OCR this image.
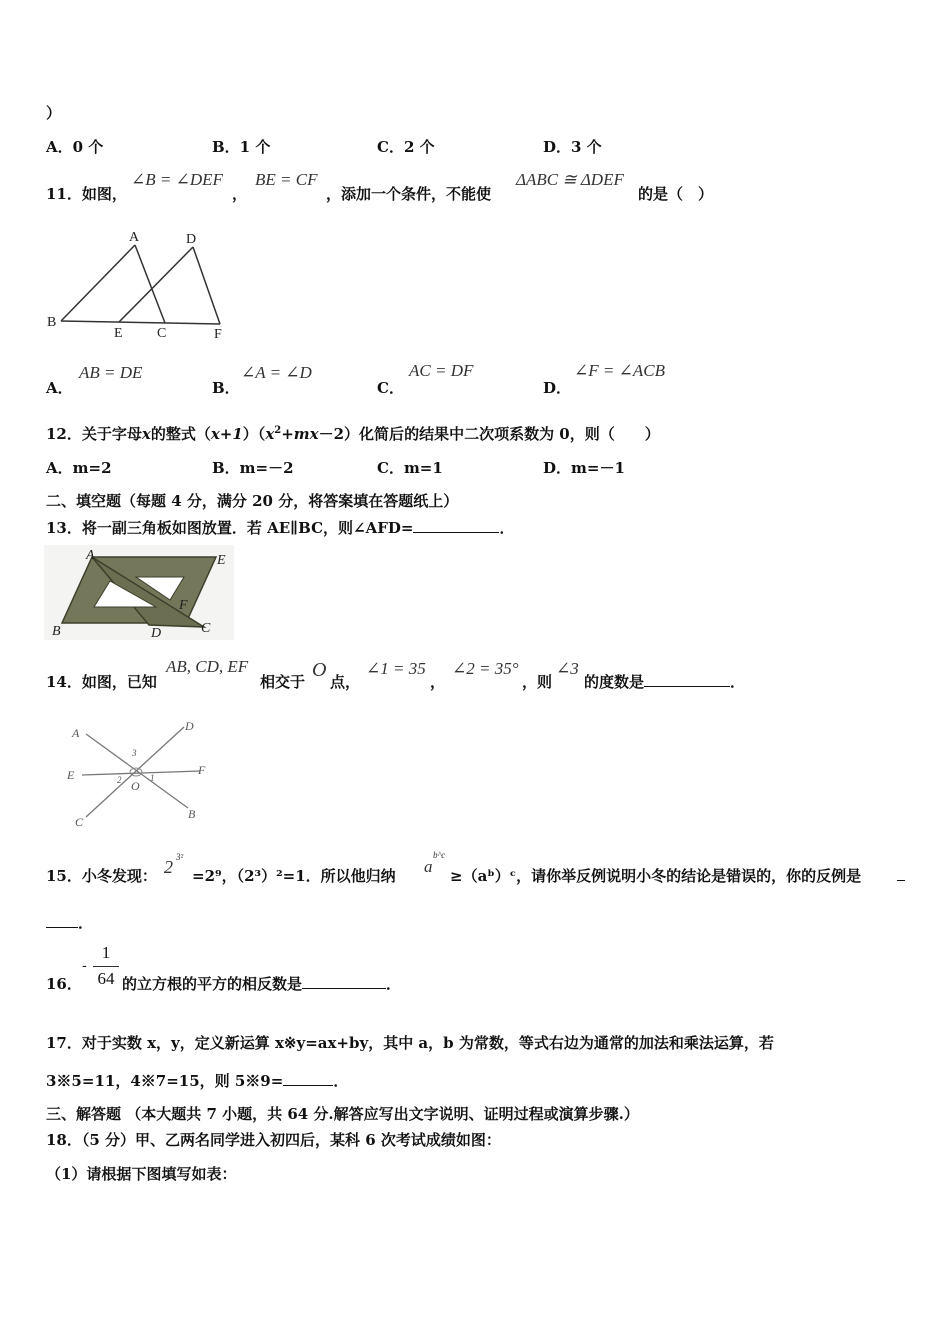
）
A．0 个	B．1 个	C．2 个	D．3 个
11．如图，
∠B = ∠DEF
，
BE = CF
，添加一个条件，不能使
ΔABC ≅ ΔDEF
的是（　）
A	D
B
E C	F
A．
AB = DE
B．
∠A = ∠D
C．
AC = DF
D．
∠F = ∠ACB
12．关于字母x的整式$(x+1)(x^2+mx-2)$化简后的结果中二次项系数为 0，则（　　）
A．m=2	B．m=－2	C．m=1	D．m=－1
二、填空题（每题 4 分，满分 20 分，将答案填在答题纸上）
13．将一副三角板如图放置．若 AE∥BC，则∠AFD=	．
A	E
F
B	D	C
14．如图，已知
AB, CD, EF
相交于
O
点，
∠1 = 35
，
∠2 = 35°
，则
∠3
的度数是	．
A	D
3
E	2 O
1
F
C
B
15．小冬发现： 2 3²
=2⁹，（2³）²=1．所以他归纳 a
b^c
≥（aᵇ）ᶜ，请你举反例说明小冬的结论是错误的，你的反例是
．
16．
-
1
64 的立方根的平方的相反数是	．
17．对于实数 x，y，定义新运算 x※y=ax+by，其中 a，b 为常数，等式右边为通常的加法和乘法运算，若
3※5=11，4※7=15，则 5※9=	．
三、解答题 （本大题共 7 小题，共 64 分.解答应写出文字说明、证明过程或演算步骤.）
18．（5 分）甲、乙两名同学进入初四后，某科 6 次考试成绩如图：
（1）请根据下图填写如表：
